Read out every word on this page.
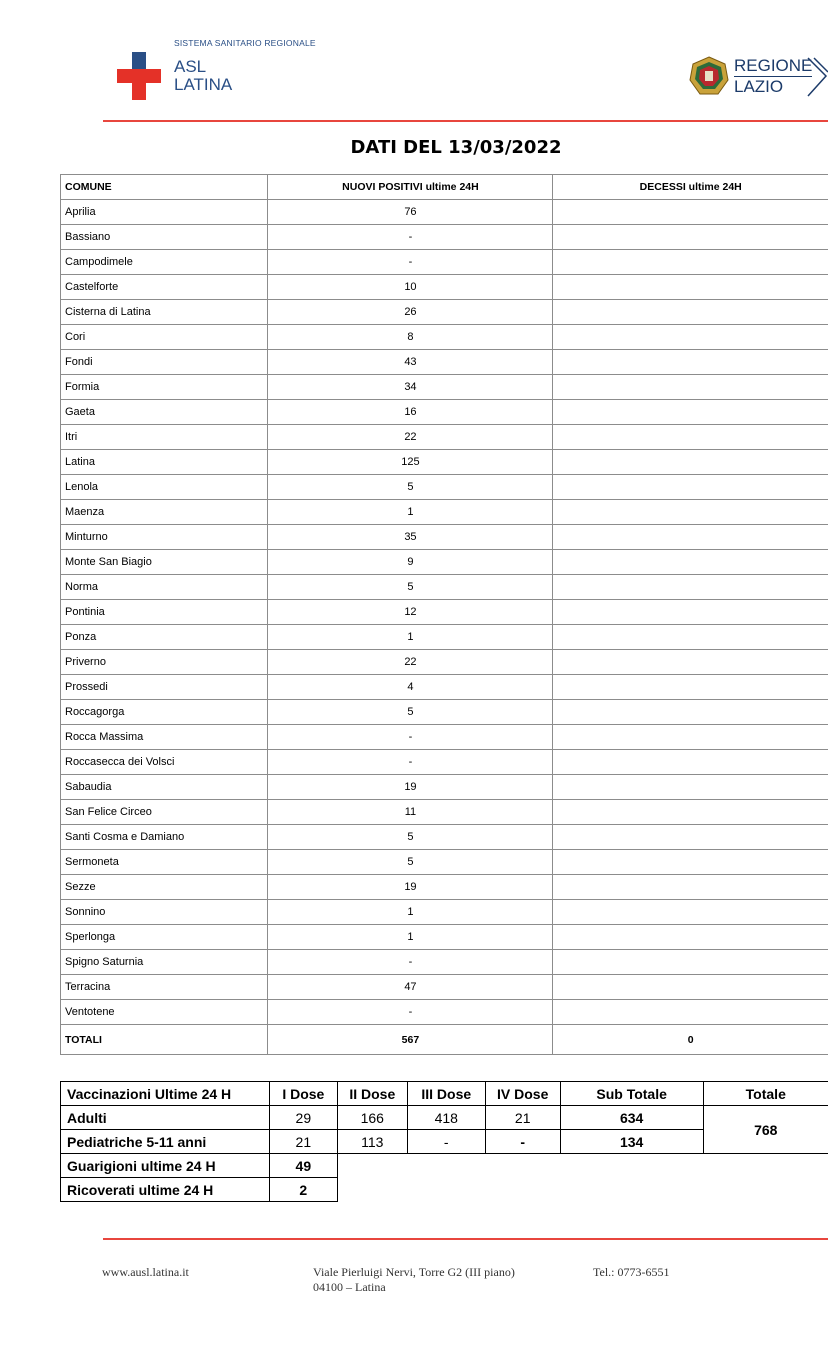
SISTEMA SANITARIO REGIONALE
ASL
LATINA
REGIONE
LAZIO
DATI DEL 13/03/2022
COMUNE	NUOVI POSITIVI ultime 24H	DECESSI ultime 24H
Aprilia	76	
Bassiano	-	
Campodimele	-	
Castelforte	10	
Cisterna di Latina	26	
Cori	8	
Fondi	43	
Formia	34	
Gaeta	16	
Itri	22	
Latina	125	
Lenola	5	
Maenza	1	
Minturno	35	
Monte San Biagio	9	
Norma	5	
Pontinia	12	
Ponza	1	
Priverno	22	
Prossedi	4	
Roccagorga	5	
Rocca Massima	-	
Roccasecca dei Volsci	-	
Sabaudia	19	
San Felice Circeo	11	
Santi Cosma e Damiano	5	
Sermoneta	5	
Sezze	19	
Sonnino	1	
Sperlonga	1	
Spigno Saturnia	-	
Terracina	47	
Ventotene	-	
TOTALI	567	0
Vaccinazioni Ultime 24 H	I Dose	II Dose	III Dose	IV Dose	Sub Totale	Totale
Adulti	29	166	418	21	634	768
Pediatriche 5-11 anni	21	113	-	-	134	
Guarigioni ultime 24 H	49					
Ricoverati ultime 24 H	2					
www.ausl.latina.it	Viale Pierluigi Nervi, Torre G2 (III piano)
04100 – Latina
Tel.: 0773-6551
